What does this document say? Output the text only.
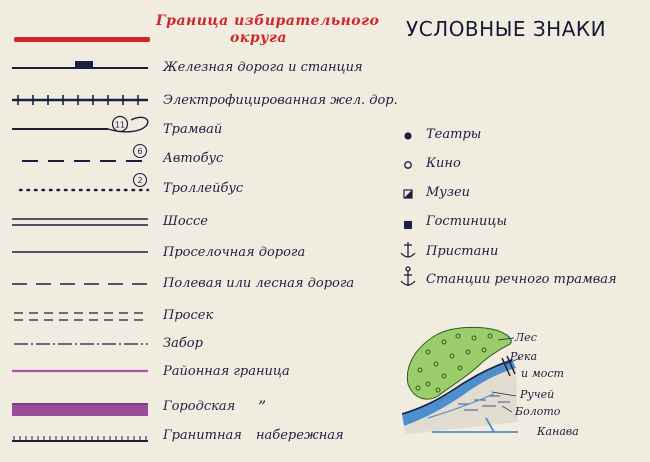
Граница избирательного
округа	УСЛОВНЫЕ ЗНАКИ
11
6
2
Железная дорога и станция
Электрофицированная жел. дор.
Трамвай
Автобус
Троллейбус
Шоссе
Проселочная дорога
Полевая или лесная дорога
Просек
Забор
Районная граница
Городская ”
Гранитная набережная
Театры
Кино
Музеи
Гостиницы
Пристани
Станции речного трамвая
Лес
Река
и мост
Ручей
Болото
Канава
